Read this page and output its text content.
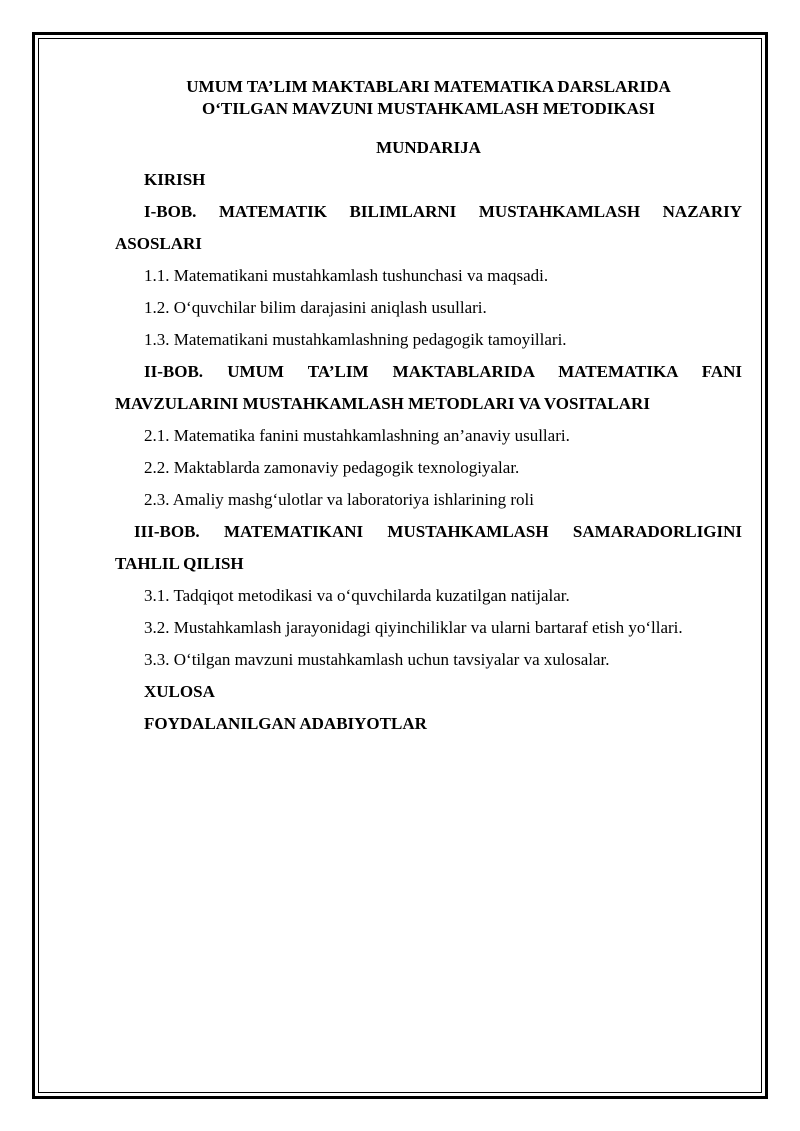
UMUM TA’LIM MAKTABLARI MATEMATIKA DARSLARIDA

O‘TILGAN MAVZUNI MUSTAHKAMLASH METODIKASI

MUNDARIJA

KIRISH

I-BOB. MATEMATIK BILIMLARNI MUSTAHKAMLASH NAZARIY
ASOSLARI

1.1. Matematikani mustahkamlash tushunchasi va maqsadi.

1.2. O‘quvchilar bilim darajasini aniqlash usullari.

1.3. Matematikani mustahkamlashning pedagogik tamoyillari.

II-BOB. UMUM TA’LIM MAKTABLARIDA MATEMATIKA FANI
MAVZULARINI MUSTAHKAMLASH METODLARI VA VOSITALARI

2.1. Matematika fanini mustahkamlashning an’anaviy usullari.

2.2. Maktablarda zamonaviy pedagogik texnologiyalar.

2.3. Amaliy mashg‘ulotlar va laboratoriya ishlarining roli

III-BOB. MATEMATIKANI MUSTAHKAMLASH SAMARADORLIGINI
TAHLIL QILISH

3.1. Tadqiqot metodikasi va o‘quvchilarda kuzatilgan natijalar.

3.2. Mustahkamlash jarayonidagi qiyinchiliklar va ularni bartaraf etish yo‘llari.

3.3. O‘tilgan mavzuni mustahkamlash uchun tavsiyalar va xulosalar.

XULOSA

FOYDALANILGAN ADABIYOTLAR
